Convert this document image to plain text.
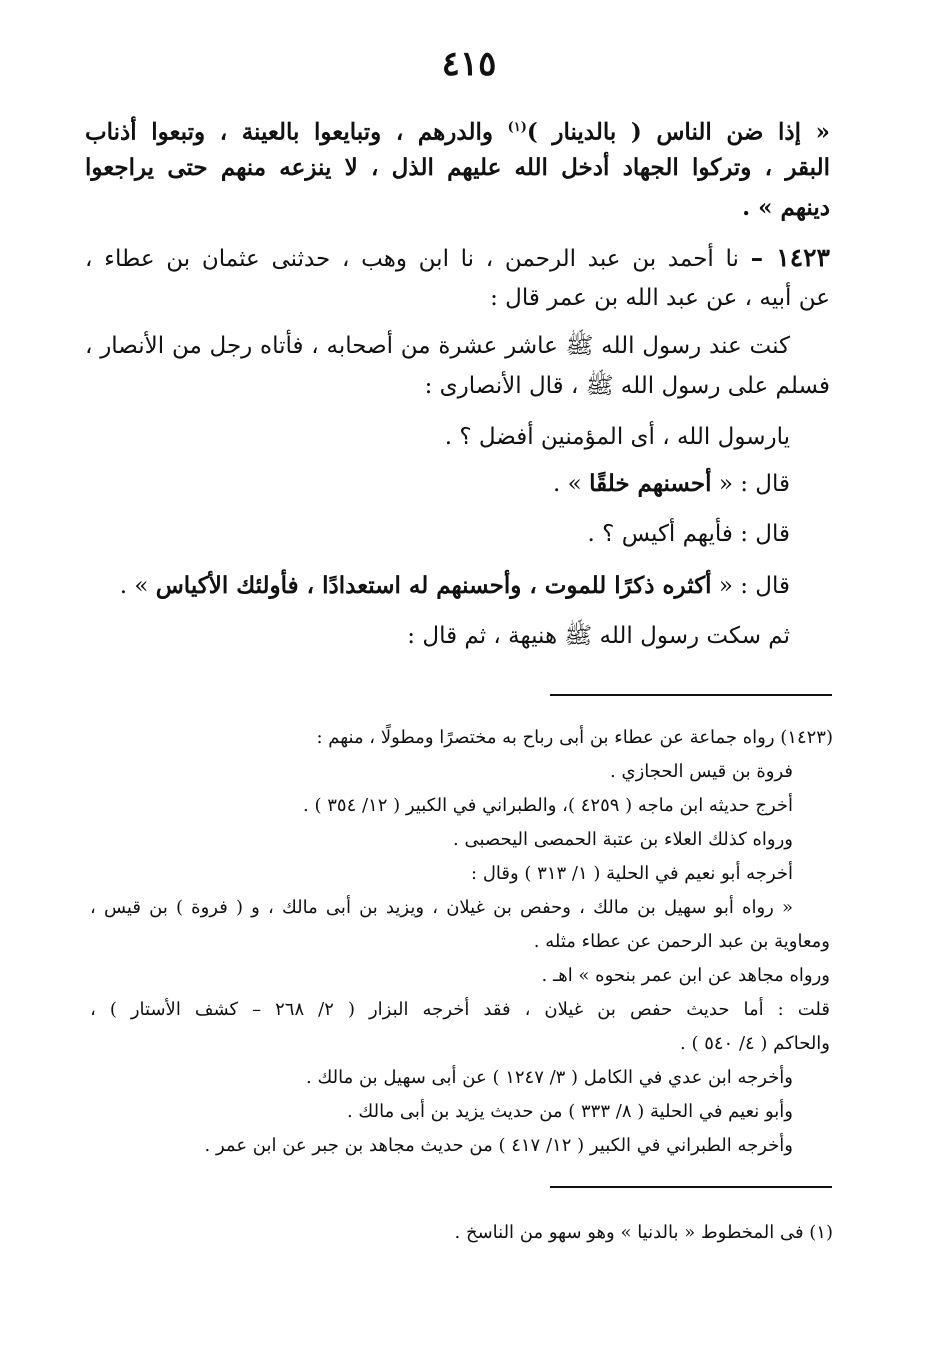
٤١٥
« إذا ضن الناس ( بالدينار )$^{(١)}$ والدرهم ، وتبايعوا بالعينة ، وتبعوا أذناب
البقر ، وتركوا الجهاد أدخل الله عليهم الذل ، لا ينزعه منهم حتى يراجعوا
دينهم » .
١٤٢٣ – نا أحمد بن عبد الرحمن ، نا ابن وهب ، حدثنى عثمان بن عطاء ،
عن أبيه ، عن عبد الله بن عمر قال :
كنت عند رسول الله ﷺ عاشر عشرة من أصحابه ، فأتاه رجل من الأنصار ،
فسلم على رسول الله ﷺ ، قال الأنصارى :
يارسول الله ، أى المؤمنين أفضل ؟ .
قال : « أحسنهم خلقًا » .
قال : فأيهم أكيس ؟ .
قال : « أكثره ذكرًا للموت ، وأحسنهم له استعدادًا ، فأولئك الأكياس » .
ثم سكت رسول الله ﷺ هنيهة ، ثم قال :
(١٤٢٣) رواه جماعة عن عطاء بن أبى رباح به مختصرًا ومطولًا ، منهم :
فروة بن قيس الحجازي .
أخرج حديثه ابن ماجه ( ٤٢٥٩ )، والطبراني في الكبير ( ١٢/ ٣٥٤ ) .
ورواه كذلك العلاء بن عتبة الحمصى اليحصبى .
أخرجه أبو نعيم في الحلية ( ١/ ٣١٣ ) وقال :
« رواه أبو سهيل بن مالك ، وحفص بن غيلان ، ويزيد بن أبى مالك ، و ( فروة ) بن قيس ،
ومعاوية بن عبد الرحمن عن عطاء مثله .
ورواه مجاهد عن ابن عمر بنحوه » اهـ .
قلت : أما حديث حفص بن غيلان ، فقد أخرجه البزار ( ٢/ ٢٦٨ – كشف الأستار ) ،
والحاكم ( ٤/ ٥٤٠ ) .
وأخرجه ابن عدي في الكامل ( ٣/ ١٢٤٧ ) عن أبى سهيل بن مالك .
وأبو نعيم في الحلية ( ٨/ ٣٣٣ ) من حديث يزيد بن أبى مالك .
وأخرجه الطبراني في الكبير ( ١٢/ ٤١٧ ) من حديث مجاهد بن جبر عن ابن عمر .
(١) فى المخطوط « بالدنيا » وهو سهو من الناسخ .
